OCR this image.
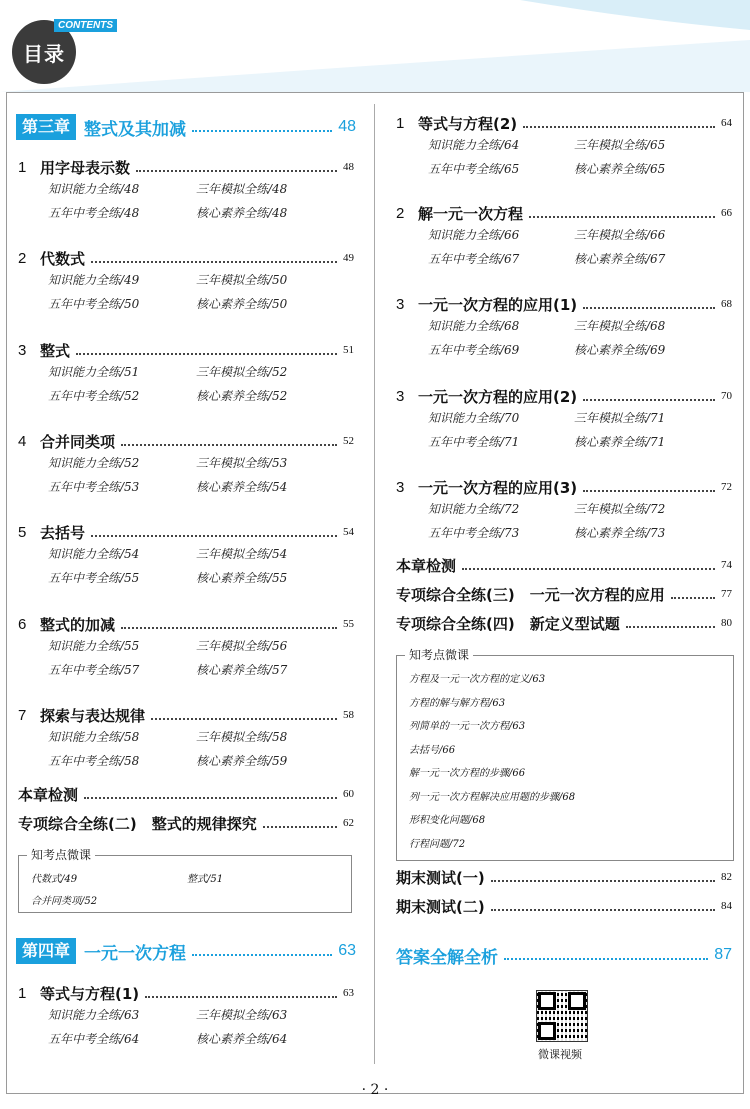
目录
CONTENTS
第三章 整式及其加减	48
1 用字母表示数	48
知识能力全练/48	三年模拟全练/48
五年中考全练/48	核心素养全练/48
2 代数式	49
知识能力全练/49	三年模拟全练/50
五年中考全练/50	核心素养全练/50
3 整式	51
知识能力全练/51	三年模拟全练/52
五年中考全练/52	核心素养全练/52
4 合并同类项	52
知识能力全练/52	三年模拟全练/53
五年中考全练/53	核心素养全练/54
5 去括号	54
知识能力全练/54	三年模拟全练/54
五年中考全练/55	核心素养全练/55
6 整式的加减	55
知识能力全练/55	三年模拟全练/56
五年中考全练/57	核心素养全练/57
7 探索与表达规律	58
知识能力全练/58	三年模拟全练/58
五年中考全练/58	核心素养全练/59
本章检测	60
专项综合全练(二)　整式的规律探究	62
知考点微课
代数式/49	整式/51
合并同类项/52
第四章 一元一次方程	63
1 等式与方程(1)	63
知识能力全练/63	三年模拟全练/63
五年中考全练/64	核心素养全练/64
1 等式与方程(2)	64
知识能力全练/64	三年模拟全练/65
五年中考全练/65	核心素养全练/65
2 解一元一次方程	66
知识能力全练/66	三年模拟全练/66
五年中考全练/67	核心素养全练/67
3 一元一次方程的应用(1)	68
知识能力全练/68	三年模拟全练/68
五年中考全练/69	核心素养全练/69
3 一元一次方程的应用(2)	70
知识能力全练/70	三年模拟全练/71
五年中考全练/71	核心素养全练/71
3 一元一次方程的应用(3)	72
知识能力全练/72	三年模拟全练/72
五年中考全练/73	核心素养全练/73
本章检测	74
专项综合全练(三)　一元一次方程的应用	77
专项综合全练(四)　新定义型试题	80
知考点微课
方程及一元一次方程的定义/63
方程的解与解方程/63
列简单的一元一次方程/63
去括号/66
解一元一次方程的步骤/66
列一元一次方程解决应用题的步骤/68
形积变化问题/68
行程问题/72
期末测试(一)	82
期末测试(二)	84
答案全解全析	87
微课视频
· 2 ·
